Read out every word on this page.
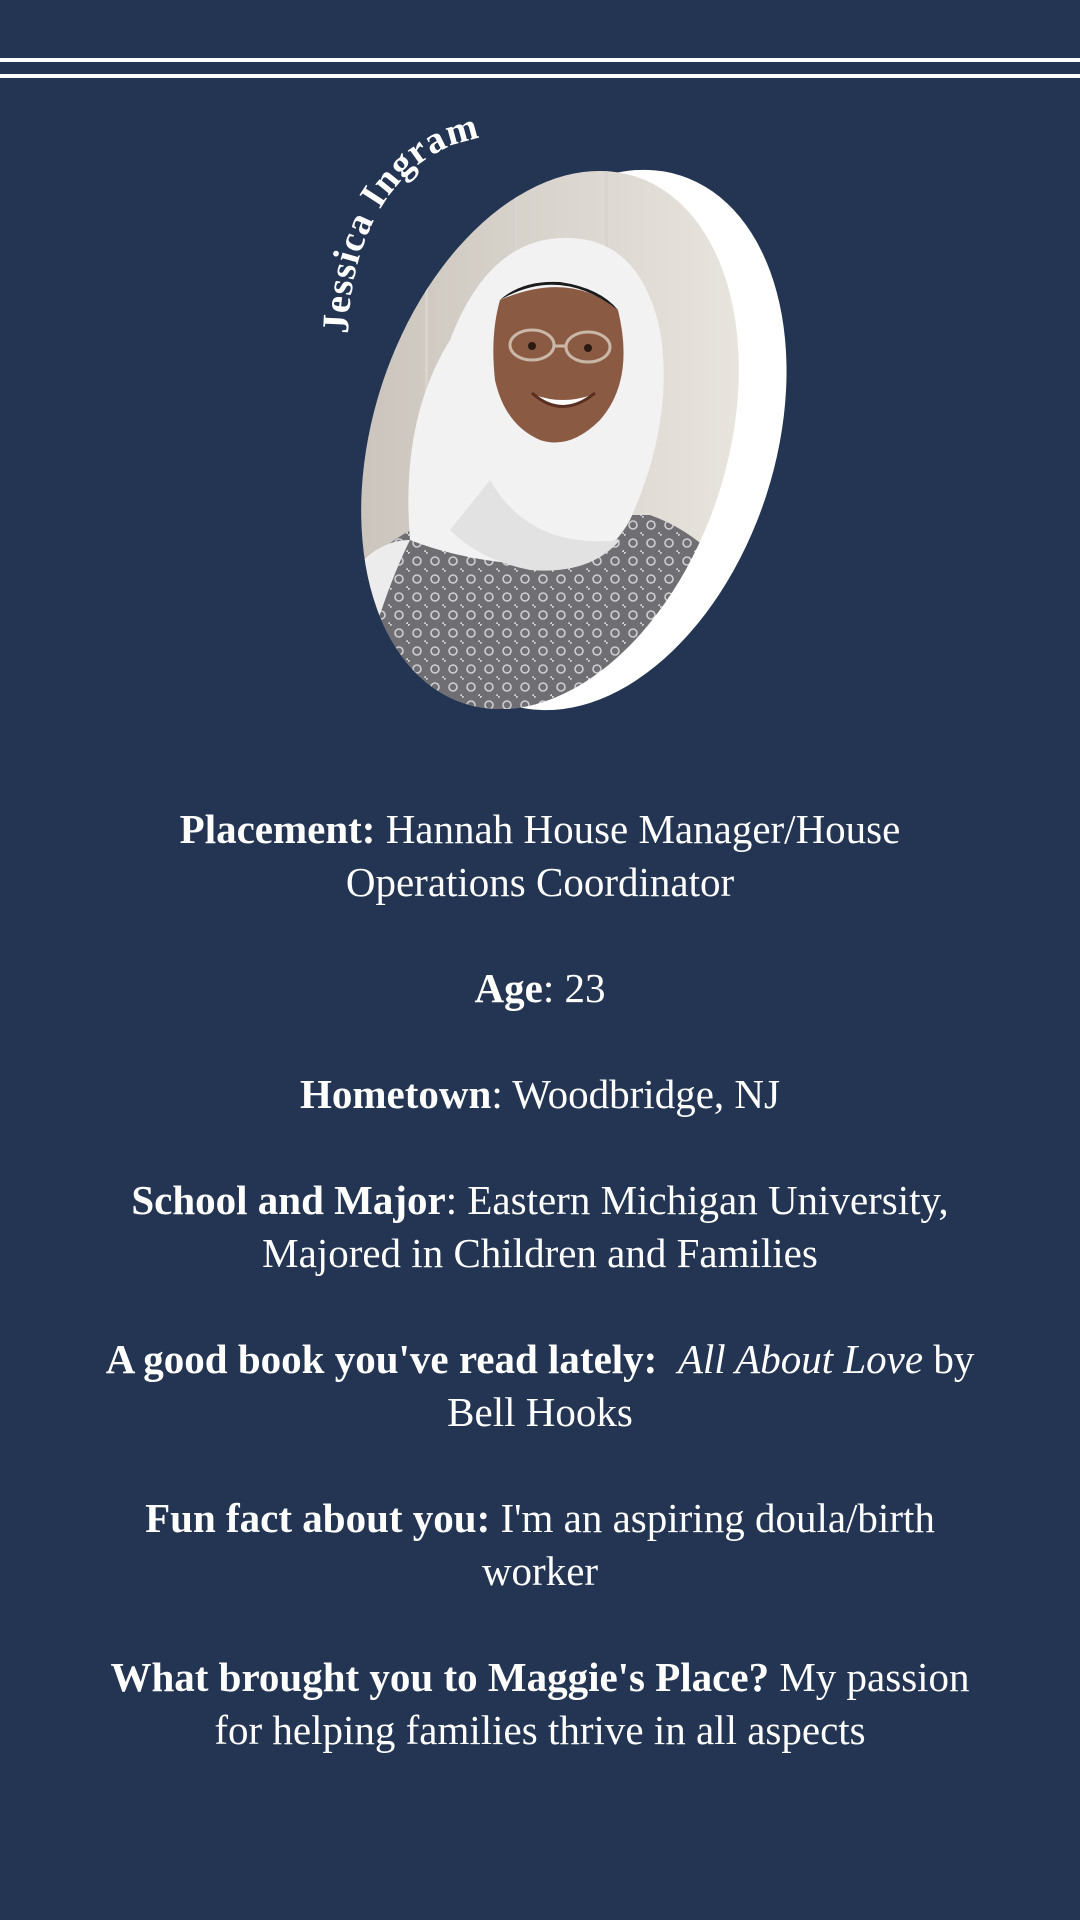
Jessica Ingram

Placement: Hannah House Manager/House Operations Coordinator

Age: 23

Hometown: Woodbridge, NJ

School and Major: Eastern Michigan University, Majored in Children and Families

A good book you've read lately: All About Love by Bell Hooks

Fun fact about you: I'm an aspiring doula/birth worker

What brought you to Maggie's Place? My passion for helping families thrive in all aspects
